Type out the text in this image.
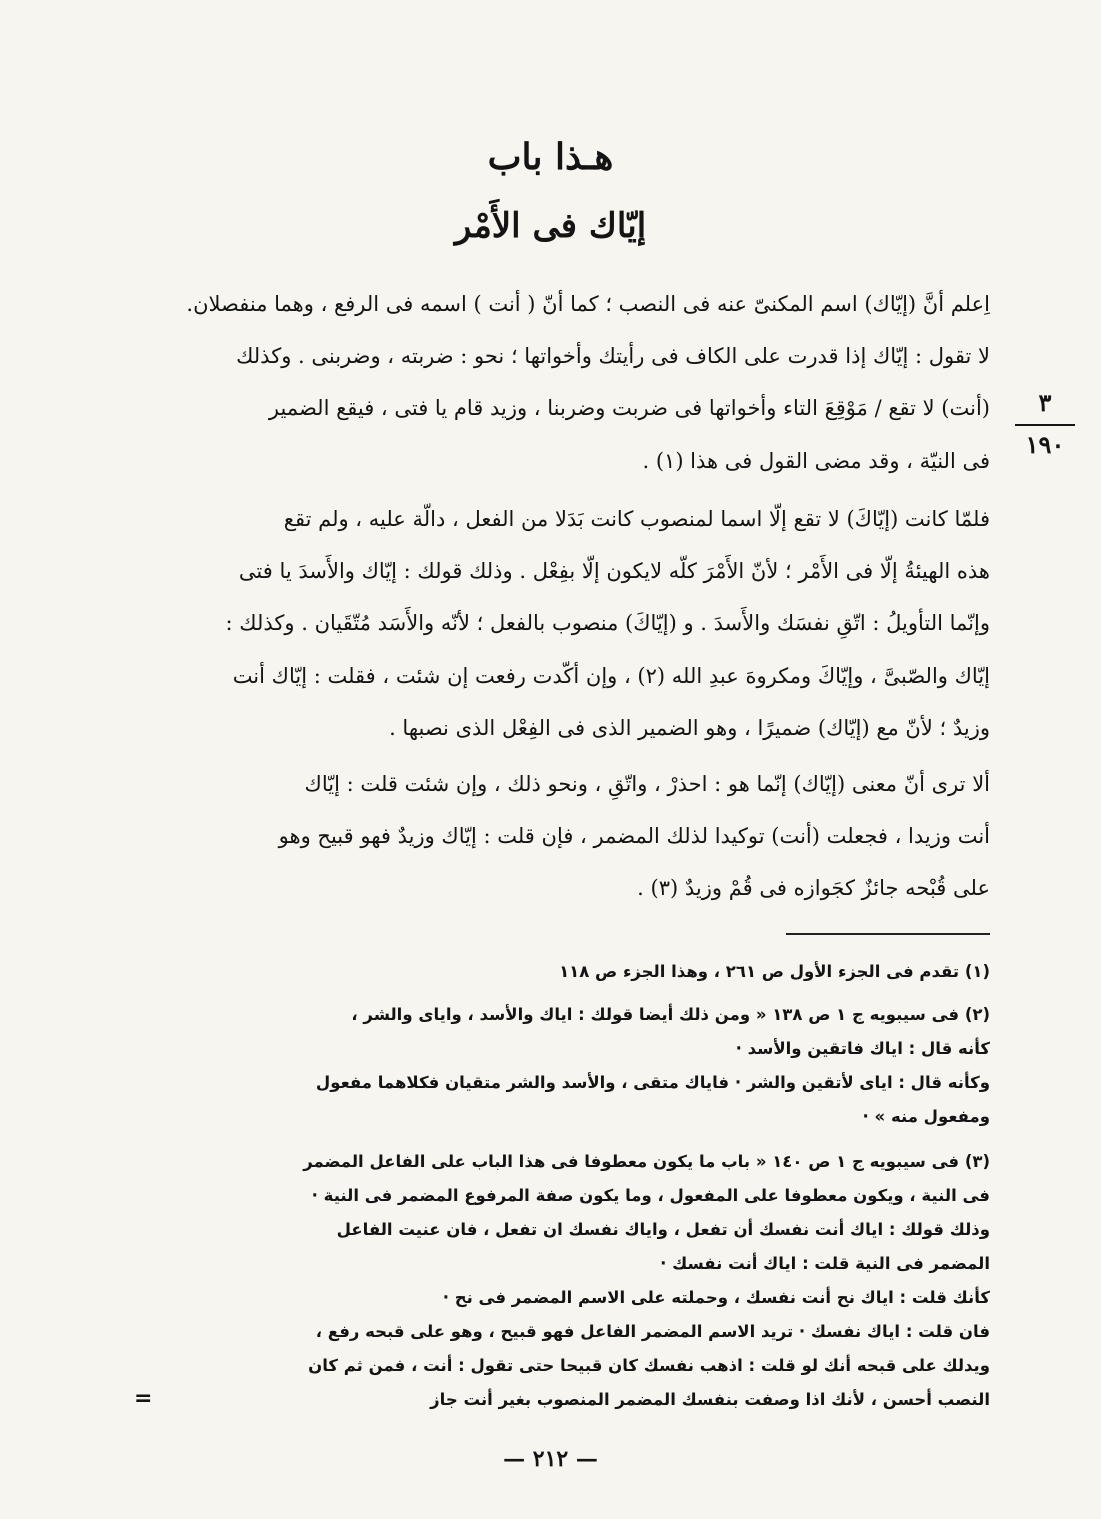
هـذا باب
إيّاك فى الأَمْر
٣
١٩٠
اِعلم أنَّ (إيّاك) اسم المكنىّ عنه فى النصب ؛ كما أنّ ( أنت ) اسمه فى الرفع ، وهما منفصلان.
لا تقول : إيّاك إذا قدرت على الكاف فى رأيتك وأخواتها ؛ نحو : ضربته ، وضربنى . وكذلك
(أنت) لا تقع / مَوْقِعَ التاء وأخواتها فى ضربت وضربنا ، وزيد قام يا فتى ، فيقع الضمير
فى النيّة ، وقد مضى القول فى هذا (١) .
فلمّا كانت (إيّاكَ) لا تقع إلّا اسما لمنصوب كانت بَدَلا من الفعل ، دالّة عليه ، ولم تقع
هذه الهيئةُ إلّا فى الأَمْر ؛ لأنّ الأَمْرَ كلّه لايكون إلّا بفِعْل . وذلك قولك : إيّاك والأَسدَ يا فتى
وإنّما التأويلُ : اتّقِ نفسَك والأَسدَ . و (إيّاكَ) منصوب بالفعل ؛ لأنّه والأَسَد مُتّقَيان . وكذلك :
إيّاك والصّبىَّ ، وإيّاكَ ومكروهَ عبدِ الله (٢) ، وإن أكّدت رفعت إن شئت ، فقلت : إيّاك أنت
وزيدٌ ؛ لأنّ مع (إيّاك) ضميرًا ، وهو الضمير الذى فى الفِعْل الذى نصبها .
ألا ترى أنّ معنى (إيّاك) إنّما هو : احذرْ ، واتّقِ ، ونحو ذلك ، وإن شئت قلت : إيّاك
أنت وزيدا ، فجعلت (أنت) توكيدا لذلك المضمر ، فإن قلت : إيّاك وزيدٌ فهو قبيح وهو
على قُبْحه جائزٌ كجَوازه فى قُمْ وزيدٌ (٣) .
(١) تقدم فى الجزء الأول ص ٢٦١ ، وهذا الجزء ص ١١٨
(٢) فى سيبويه ج ١ ص ١٣٨ « ومن ذلك أيضا قولك : اياك والأسد ، واياى والشر ،
كأنه قال : اياك فاتقين والأسد ·
وكأنه قال : اياى لأتقين والشر · فاياك متقى ، والأسد والشر متقيان فكلاهما مفعول
ومفعول منه » ·
(٣) فى سيبويه ج ١ ص ١٤٠ « باب ما يكون معطوفا فى هذا الباب على الفاعل المضمر
فى النية ، ويكون معطوفا على المفعول ، وما يكون صفة المرفوع المضمر فى النية ·
وذلك قولك : اياك أنت نفسك أن تفعل ، واياك نفسك ان تفعل ، فان عنيت الفاعل
المضمر فى النية قلت : اياك أنت نفسك ·
كأنك قلت : اياك نح أنت نفسك ، وحملته على الاسم المضمر فى نح ·
فان قلت : اياك نفسك · تريد الاسم المضمر الفاعل فهو قبيح ، وهو على قبحه رفع ،
ويدلك على قبحه أنك لو قلت : اذهب نفسك كان قبيحا حتى تقول : أنت ، فمن ثم كان
النصب أحسن ، لأنك اذا وصفت بنفسك المضمر المنصوب بغير أنت جاز
=
— ٢١٢ —
